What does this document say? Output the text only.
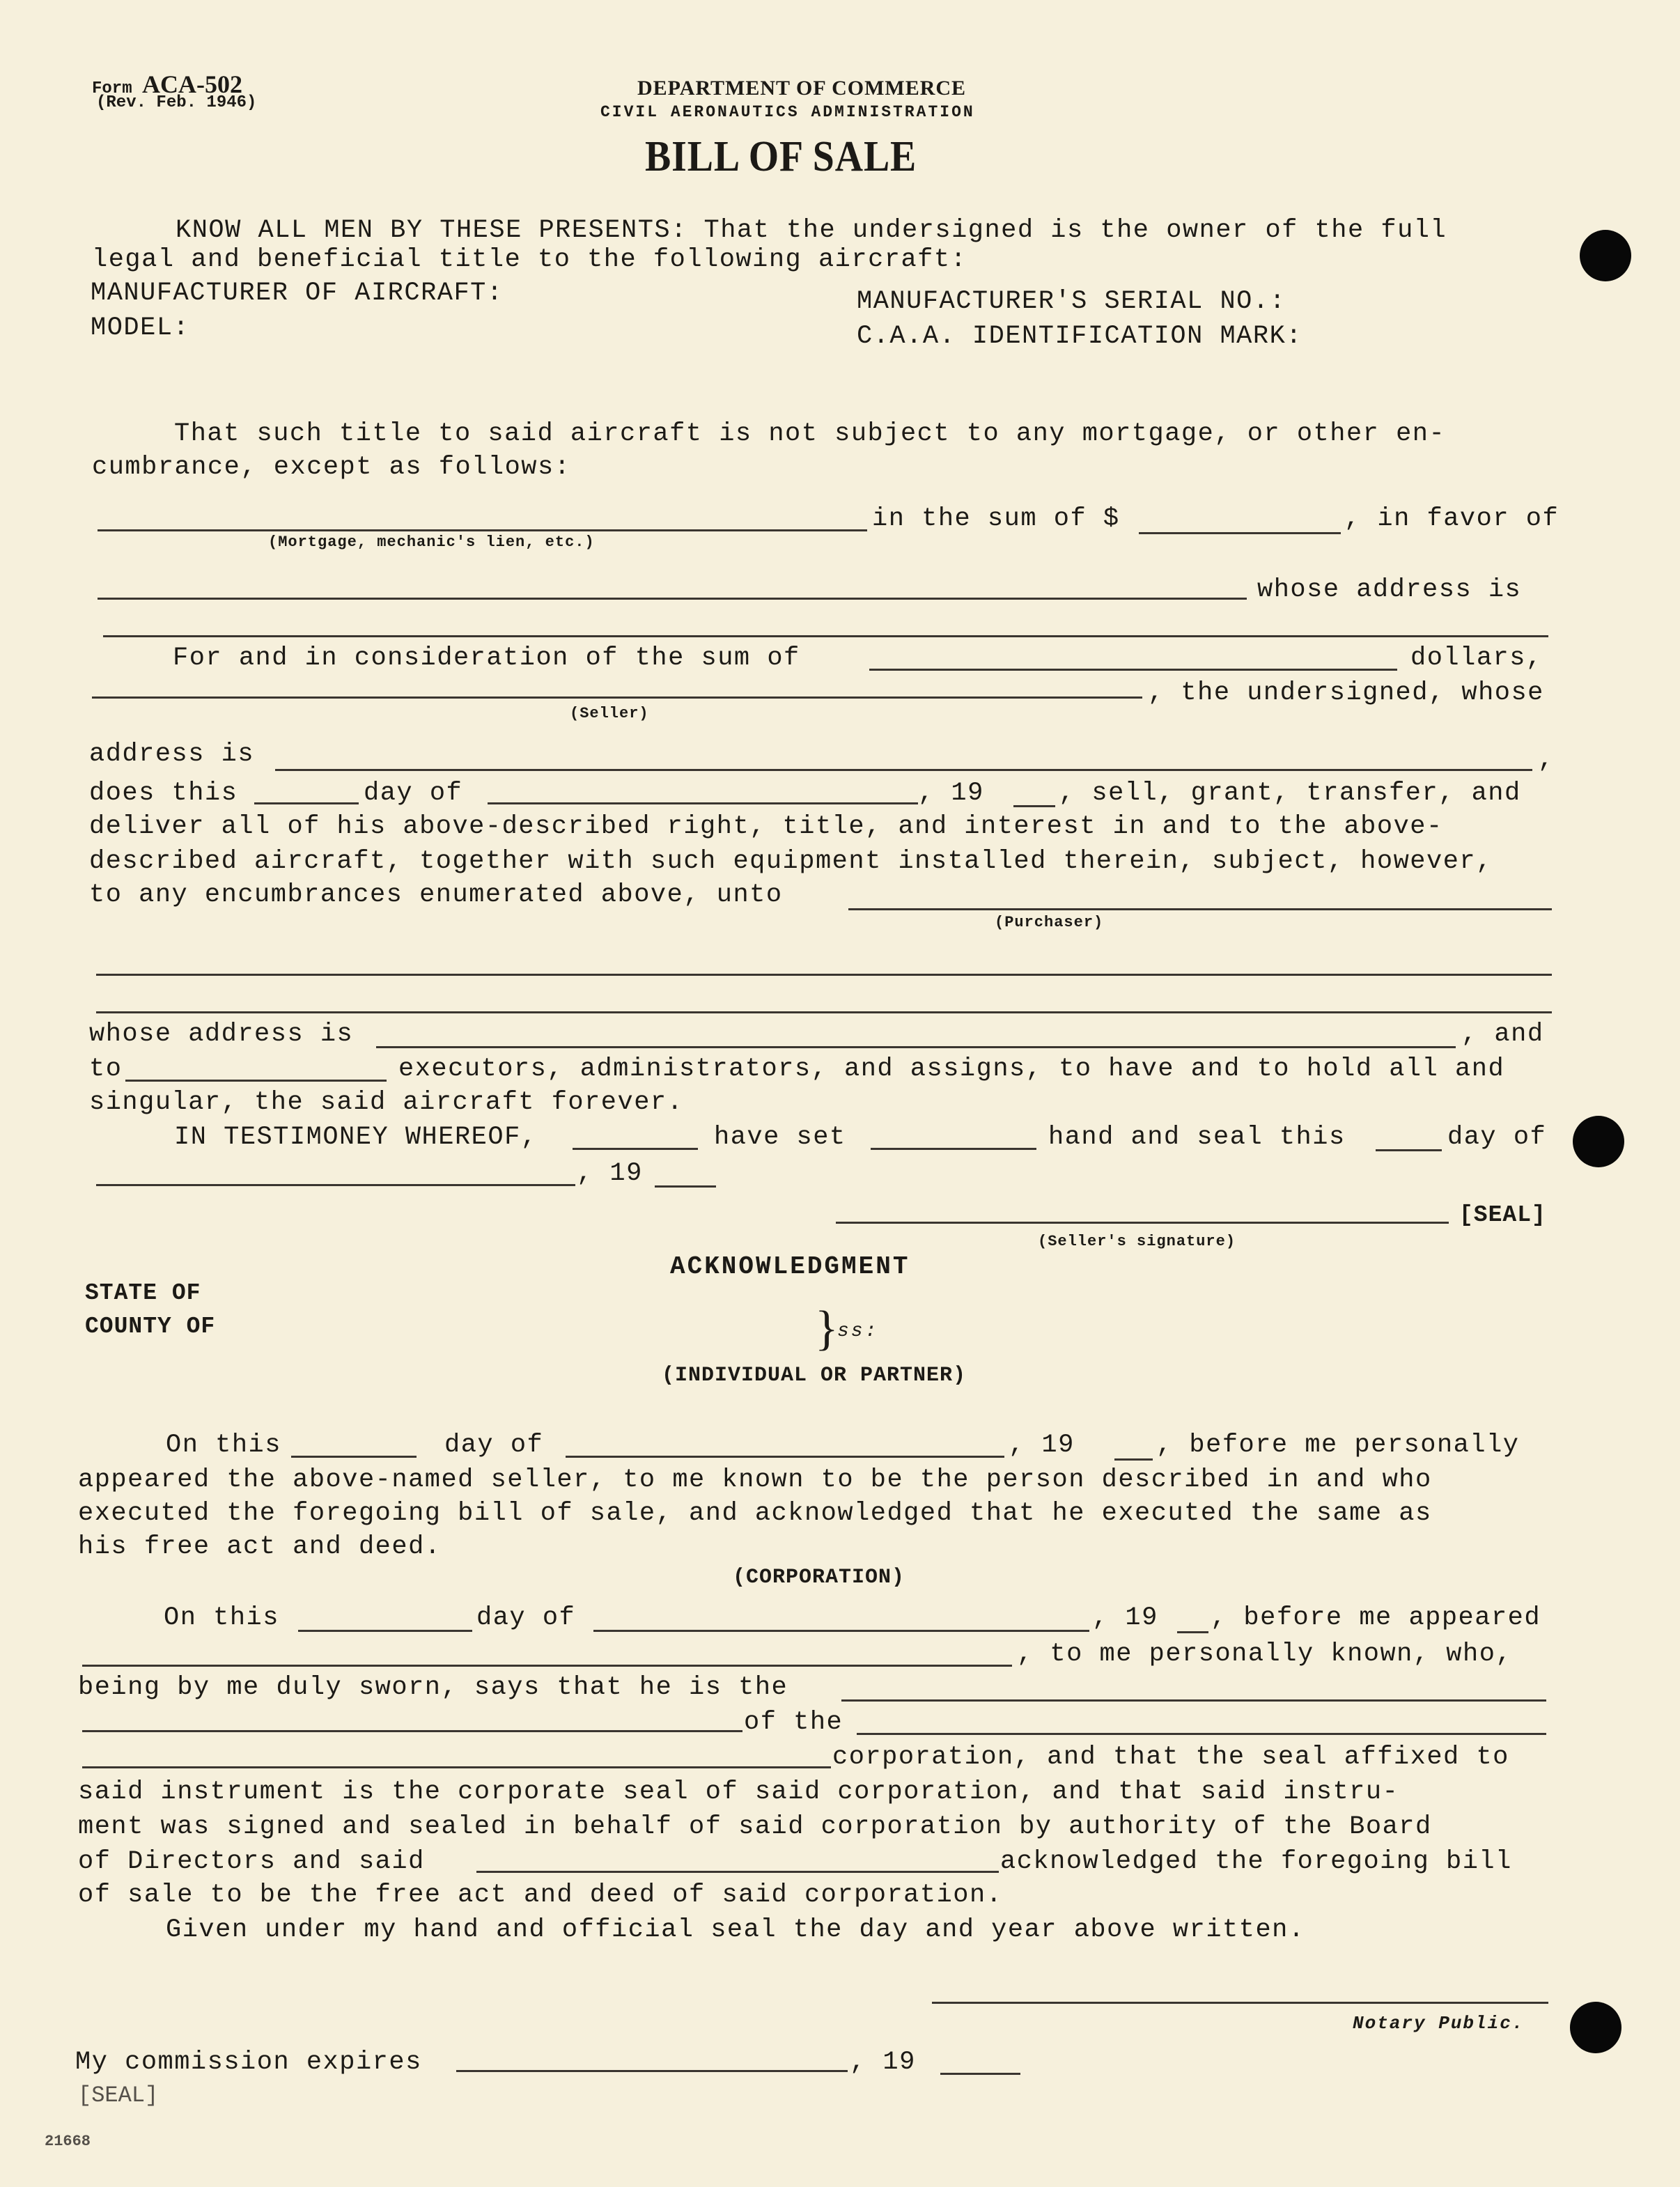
Form ACA-502
(Rev. Feb. 1946)
DEPARTMENT OF COMMERCE
CIVIL AERONAUTICS ADMINISTRATION
BILL OF SALE
KNOW ALL MEN BY THESE PRESENTS: That the undersigned is the owner of the full
legal and beneficial title to the following aircraft:
MANUFACTURER OF AIRCRAFT:
MODEL:
MANUFACTURER'S SERIAL NO.:
C.A.A. IDENTIFICATION MARK:
That such title to said aircraft is not subject to any mortgage, or other en-
cumbrance, except as follows:
in the sum of $	, in favor of
(Mortgage, mechanic's lien, etc.)
whose address is
For and in consideration of the sum of	dollars,
, the undersigned, whose
(Seller)
address is	,
does this	day of	, 19	, sell, grant, transfer, and
deliver all of his above-described right, title, and interest in and to the above-
described aircraft, together with such equipment installed therein, subject, however,
to any encumbrances enumerated above, unto
(Purchaser)
whose address is	, and
to	executors, administrators, and assigns, to have and to hold all and
singular, the said aircraft forever.
IN TESTIMONEY WHEREOF,	have set	hand and seal this	day of
, 19
[SEAL]
(Seller's signature)
ACKNOWLEDGMENT
STATE OF
COUNTY OF	}
ss:
(INDIVIDUAL OR PARTNER)
On this	day of	, 19	, before me personally
appeared the above-named seller, to me known to be the person described in and who
executed the foregoing bill of sale, and acknowledged that he executed the same as
his free act and deed.
(CORPORATION)
On this	day of	, 19 , before me appeared
, to me personally known, who,
being by me duly sworn, says that he is the
of the
corporation, and that the seal affixed to
said instrument is the corporate seal of said corporation, and that said instru-
ment was signed and sealed in behalf of said corporation by authority of the Board
of Directors and said	acknowledged the foregoing bill
of sale to be the free act and deed of said corporation.
Given under my hand and official seal the day and year above written.
Notary Public.
My commission expires	, 19
[SEAL]
21668
